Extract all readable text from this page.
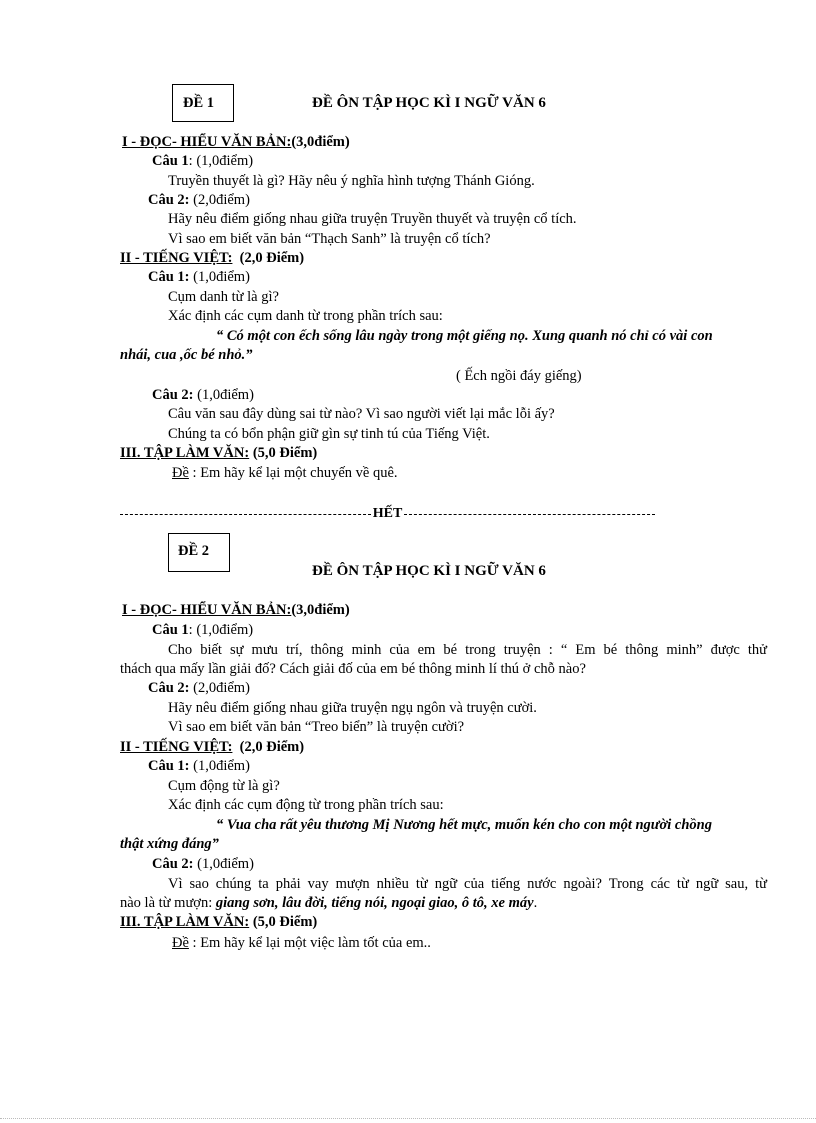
ĐỀ 1	ĐỀ ÔN TẬP HỌC KÌ I NGỮ VĂN 6
I - ĐỌC- HIỂU VĂN BẢN:(3,0điểm)
Câu 1: (1,0điểm)
Truyền thuyết là gì? Hãy nêu ý nghĩa hình tượng Thánh Gióng.
Câu 2: (2,0điểm)
Hãy nêu điểm giống nhau giữa truyện Truyền thuyết và truyện cổ tích.
Vì sao em biết văn bản “Thạch Sanh” là truyện cổ tích?
II - TIẾNG VIỆT: (2,0 Điểm)
Câu 1: (1,0điểm)
Cụm danh từ là gì?
Xác định các cụm danh từ trong phần trích sau:
“ Có một con ếch sống lâu ngày trong một giếng nọ. Xung quanh nó chỉ có vài con
nhái, cua ,ốc bé nhỏ.”
( Ếch ngồi đáy giếng)
Câu 2: (1,0điểm)
Câu văn sau đây dùng sai từ nào? Vì sao người viết lại mắc lỗi ấy?
Chúng ta có bổn phận giữ gìn sự tinh tú của Tiếng Việt.
III. TẬP LÀM VĂN: (5,0 Điểm)
Đề : Em hãy kể lại một chuyến về quê.
HẾT
ĐỀ 2
ĐỀ ÔN TẬP HỌC KÌ I NGỮ VĂN 6
I - ĐỌC- HIỂU VĂN BẢN:(3,0điểm)
Câu 1: (1,0điểm)
Cho biết sự mưu trí, thông minh của em bé trong truyện : “ Em bé thông minh” được thử
thách qua mấy lần giải đố? Cách giải đố của em bé thông minh lí thú ở chỗ nào?
Câu 2: (2,0điểm)
Hãy nêu điểm giống nhau giữa truyện ngụ ngôn và truyện cười.
Vì sao em biết văn bản “Treo biển” là truyện cười?
II - TIẾNG VIỆT: (2,0 Điểm)
Câu 1: (1,0điểm)
Cụm động từ là gì?
Xác định các cụm động từ trong phần trích sau:
“ Vua cha rất yêu thương Mị Nương hết mực, muốn kén cho con một người chồng
thật xứng đáng”
Câu 2: (1,0điểm)
Vì sao chúng ta phải vay mượn nhiều từ ngữ của tiếng nước ngoài? Trong các từ ngữ sau, từ
nào là từ mượn: giang sơn, lâu đời, tiếng nói, ngoại giao, ô tô, xe máy.
III. TẬP LÀM VĂN: (5,0 Điểm)
Đề : Em hãy kể lại một việc làm tốt của em..
